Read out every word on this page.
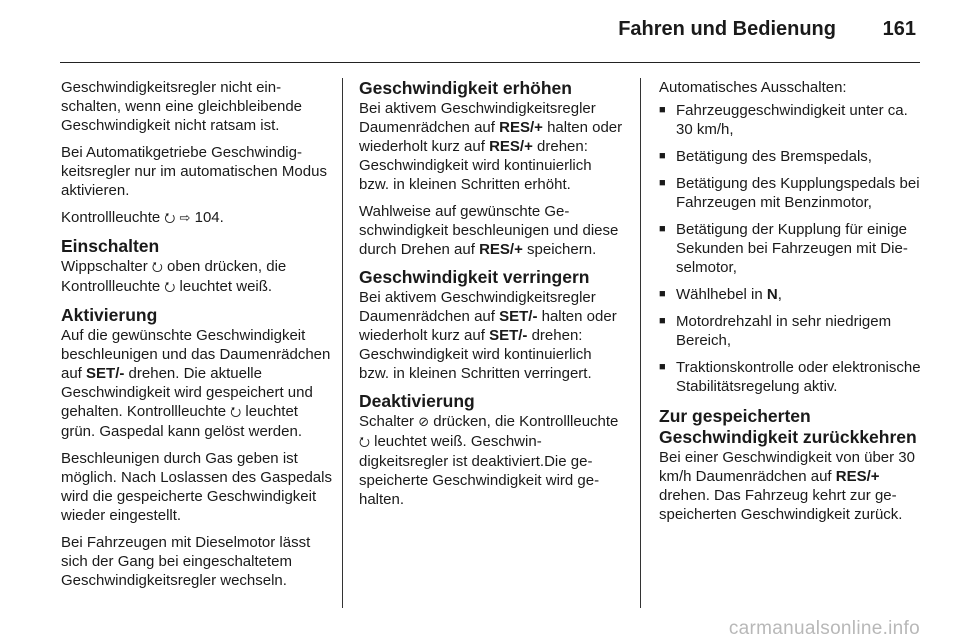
Fahren und Bedienung 161
Geschwindigkeitsregler nicht einschalten, wenn eine gleichbleibende Geschwindigkeit nicht ratsam ist.
Bei Automatikgetriebe Geschwindigkeitsregler nur im automatischen Modus aktivieren.
Kontrollleuchte ⭮ ⇨ 104.
Einschalten
Wippschalter ⭮ oben drücken, die Kontrollleuchte ⭮ leuchtet weiß.
Aktivierung
Auf die gewünschte Geschwindigkeit beschleunigen und das Daumenrädchen auf SET/- drehen. Die aktuelle Geschwindigkeit wird gespeichert und gehalten. Kontrollleuchte ⭮ leuchtet grün. Gaspedal kann gelöst werden.
Beschleunigen durch Gas geben ist möglich. Nach Loslassen des Gaspedals wird die gespeicherte Geschwindigkeit wieder eingestellt.
Bei Fahrzeugen mit Dieselmotor lässt sich der Gang bei eingeschaltetem Geschwindigkeitsregler wechseln.
Geschwindigkeit erhöhen
Bei aktivem Geschwindigkeitsregler Daumenrädchen auf RES/+ halten oder wiederholt kurz auf RES/+ drehen: Geschwindigkeit wird kontinuierlich bzw. in kleinen Schritten erhöht.
Wahlweise auf gewünschte Geschwindigkeit beschleunigen und diese durch Drehen auf RES/+ speichern.
Geschwindigkeit verringern
Bei aktivem Geschwindigkeitsregler Daumenrädchen auf SET/- halten oder wiederholt kurz auf SET/- drehen: Geschwindigkeit wird kontinuierlich bzw. in kleinen Schritten verringert.
Deaktivierung
Schalter ⊘ drücken, die Kontrollleuchte ⭮ leuchtet weiß. Geschwindigkeitsregler ist deaktiviert.Die gespeicherte Geschwindigkeit wird gehalten.
Automatisches Ausschalten:
■ Fahrzeuggeschwindigkeit unter ca. 30 km/h,
■ Betätigung des Bremspedals,
■ Betätigung des Kupplungspedals bei Fahrzeugen mit Benzinmotor,
■ Betätigung der Kupplung für einige Sekunden bei Fahrzeugen mit Dieselmotor,
■ Wählhebel in N,
■ Motordrehzahl in sehr niedrigem Bereich,
■ Traktionskontrolle oder elektronische Stabilitätsregelung aktiv.
Zur gespeicherten Geschwindigkeit zurückkehren
Bei einer Geschwindigkeit von über 30 km/h Daumenrädchen auf RES/+ drehen. Das Fahrzeug kehrt zur gespeicherten Geschwindigkeit zurück.
carmanualsonline.info
